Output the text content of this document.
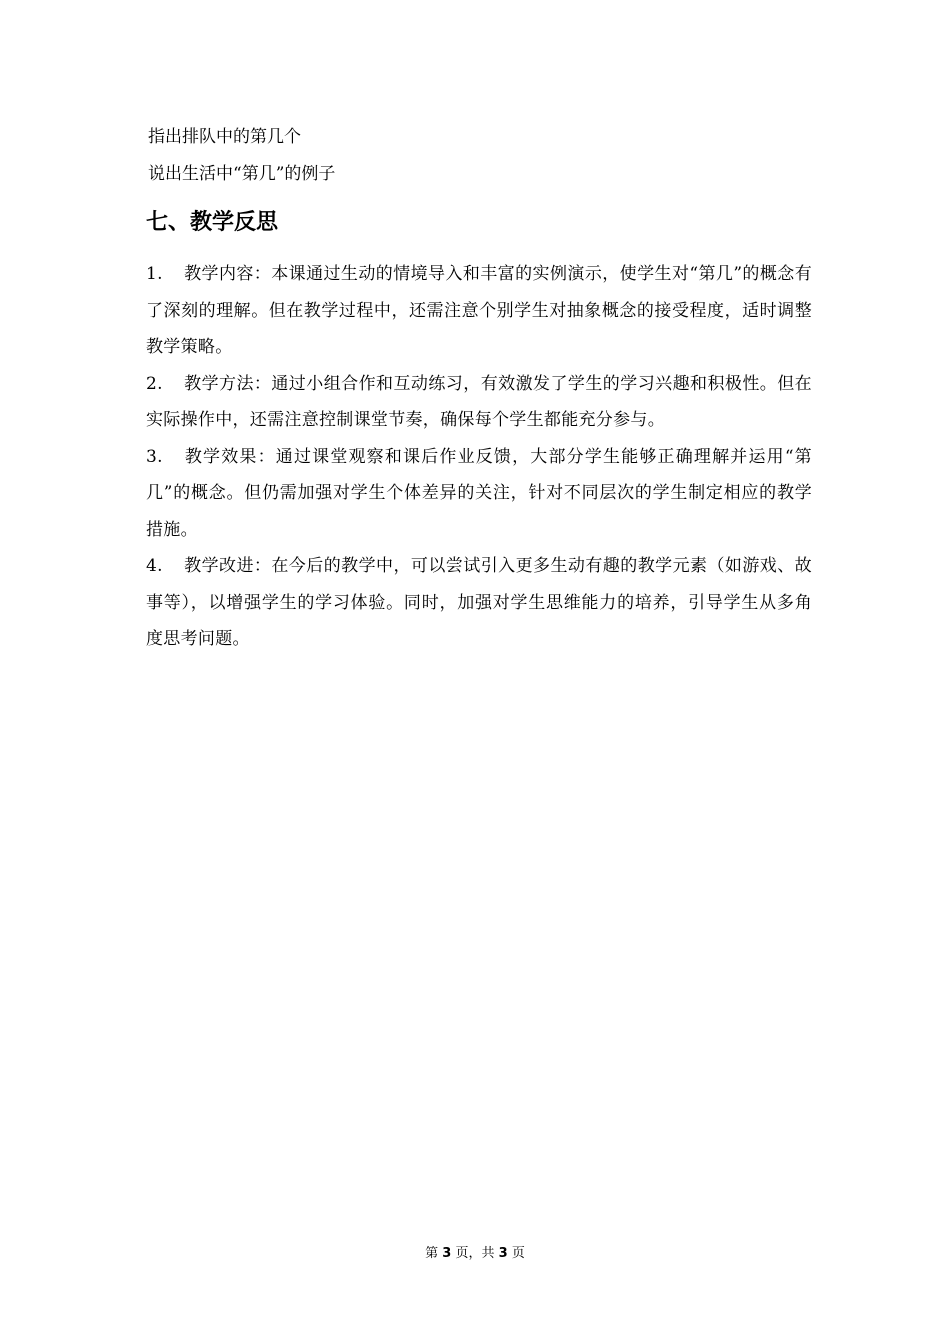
指出排队中的第几个
说出生活中“第几”的例子
七、教学反思
1. 教学内容：本课通过生动的情境导入和丰富的实例演示，使学生对“第几”的概念有了深刻的理解。但在教学过程中，还需注意个别学生对抽象概念的接受程度，适时调整教学策略。
2. 教学方法：通过小组合作和互动练习，有效激发了学生的学习兴趣和积极性。但在实际操作中，还需注意控制课堂节奏，确保每个学生都能充分参与。
3. 教学效果：通过课堂观察和课后作业反馈，大部分学生能够正确理解并运用“第几”的概念。但仍需加强对学生个体差异的关注，针对不同层次的学生制定相应的教学措施。
4. 教学改进：在今后的教学中，可以尝试引入更多生动有趣的教学元素（如游戏、故事等），以增强学生的学习体验。同时，加强对学生思维能力的培养，引导学生从多角度思考问题。
第 3 页，共 3 页
